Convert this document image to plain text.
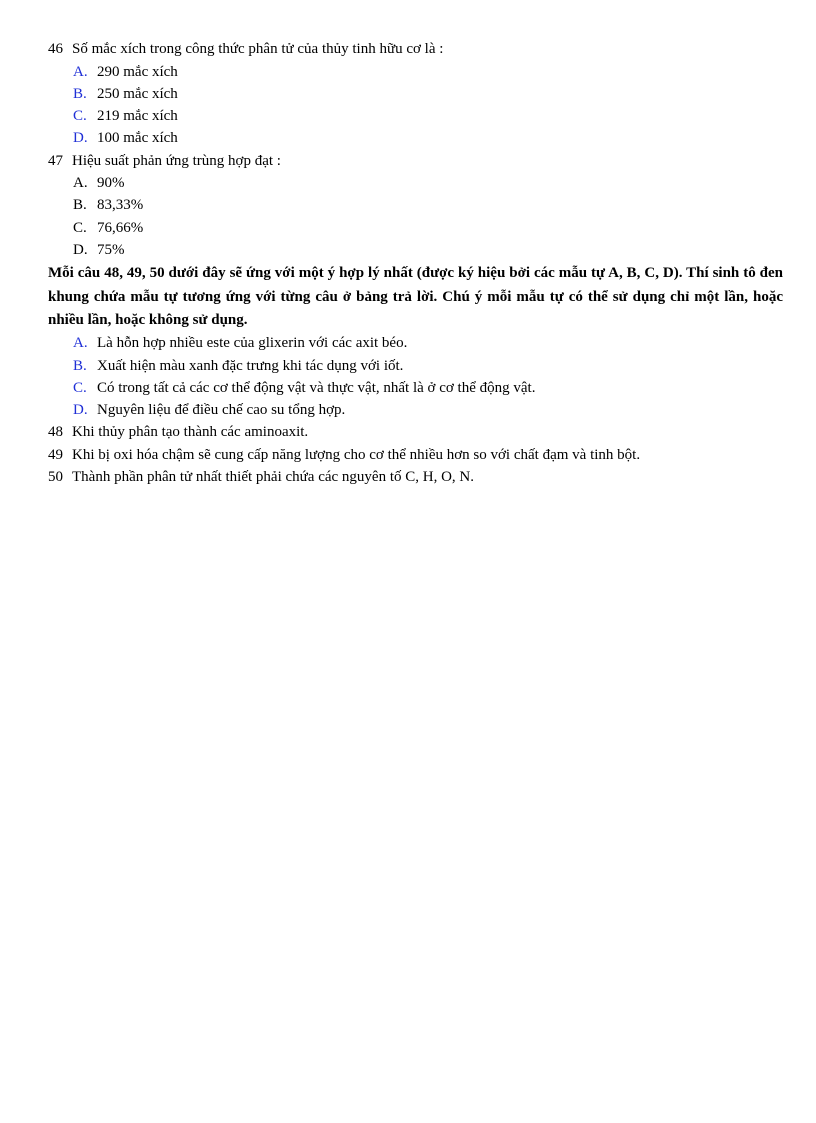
46 Số mắc xích trong công thức phân tử của thủy tinh hữu cơ là :
A. 290 mắc xích
B. 250 mắc xích
C. 219 mắc xích
D. 100 mắc xích
47 Hiệu suất phản ứng trùng hợp đạt :
A. 90%
B. 83,33%
C. 76,66%
D. 75%
Mỗi câu 48, 49, 50 dưới đây sẽ ứng với một ý hợp lý nhất (được ký hiệu bởi các mẫu tự A, B, C, D). Thí sinh tô đen khung chứa mẫu tự tương ứng với từng câu ở bảng trả lời. Chú ý mỗi mẫu tự có thể sử dụng chỉ một lần, hoặc nhiều lần, hoặc không sử dụng.
A. Là hỗn hợp nhiều este của glixerin với các axit béo.
B. Xuất hiện màu xanh đặc trưng khi tác dụng với iốt.
C. Có trong tất cả các cơ thể động vật và thực vật, nhất là ở cơ thể động vật.
D. Nguyên liệu để điều chế cao su tổng hợp.
48 Khi thủy phân tạo thành các aminoaxit.
49 Khi bị oxi hóa chậm sẽ cung cấp năng lượng cho cơ thể nhiều hơn so với chất đạm và tinh bột.
50 Thành phần phân tử nhất thiết phải chứa các nguyên tố C, H, O, N.
